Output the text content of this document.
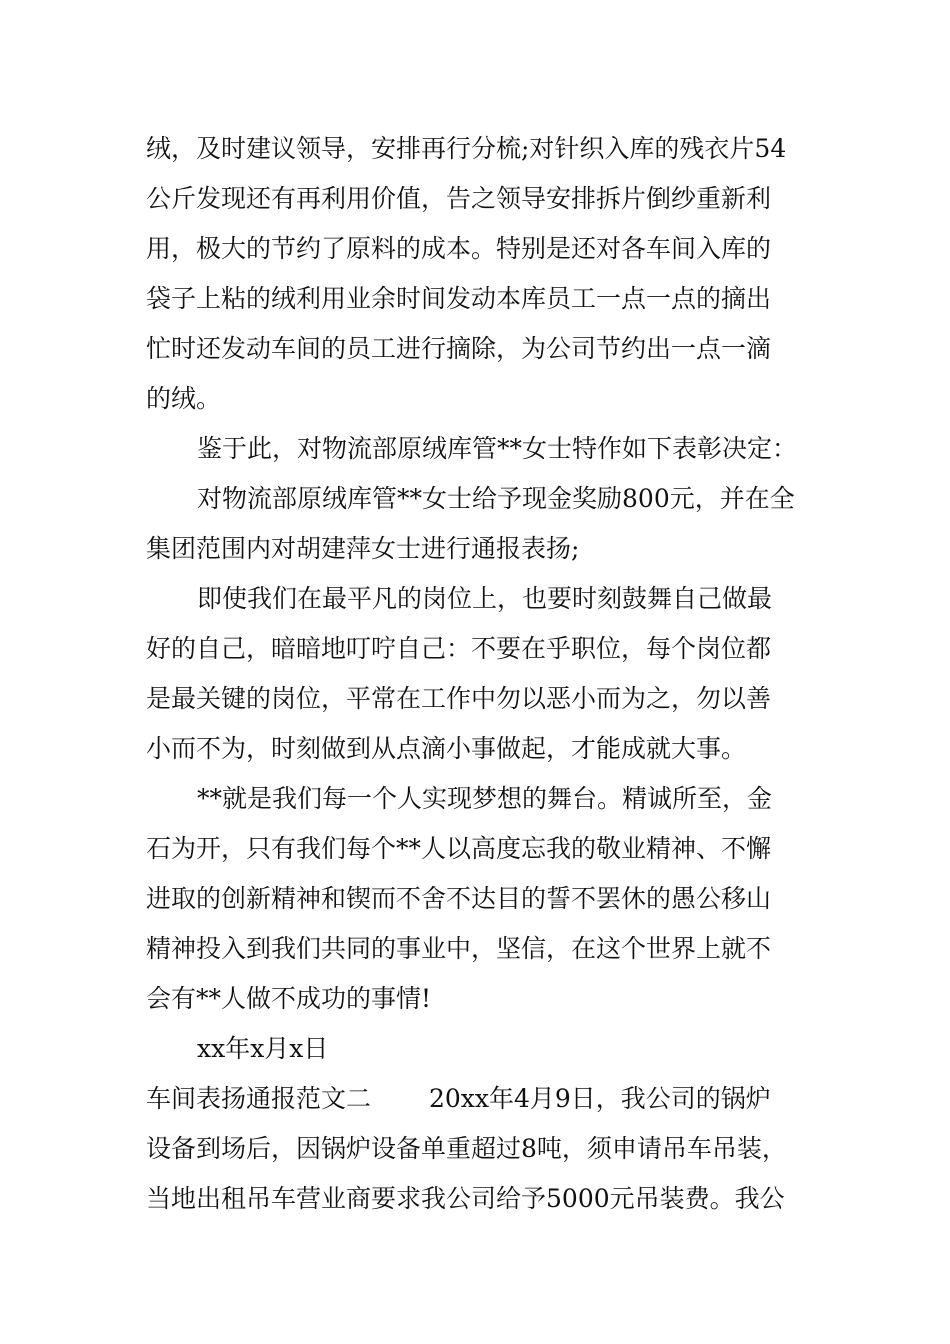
绒，及时建议领导，安排再行分梳;对针织入库的残衣片54
公斤发现还有再利用价值，告之领导安排拆片倒纱重新利
用，极大的节约了原料的成本。特别是还对各车间入库的
袋子上粘的绒利用业余时间发动本库员工一点一点的摘出
忙时还发动车间的员工进行摘除，为公司节约出一点一滴
的绒。
鉴于此，对物流部原绒库管**女士特作如下表彰决定：
对物流部原绒库管**女士给予现金奖励800元，并在全
集团范围内对胡建萍女士进行通报表扬;
即使我们在最平凡的岗位上，也要时刻鼓舞自己做最
好的自己，暗暗地叮咛自己：不要在乎职位，每个岗位都
是最关键的岗位，平常在工作中勿以恶小而为之，勿以善
小而不为，时刻做到从点滴小事做起，才能成就大事。
**就是我们每一个人实现梦想的舞台。精诚所至，金
石为开，只有我们每个**人以高度忘我的敬业精神、不懈
进取的创新精神和锲而不舍不达目的誓不罢休的愚公移山
精神投入到我们共同的事业中，坚信，在这个世界上就不
会有**人做不成功的事情!
xx年x月x日
车间表扬通报范文二　　 20xx年4月9日，我公司的锅炉
设备到场后，因锅炉设备单重超过8吨，须申请吊车吊装，
当地出租吊车营业商要求我公司给予5000元吊装费。我公
